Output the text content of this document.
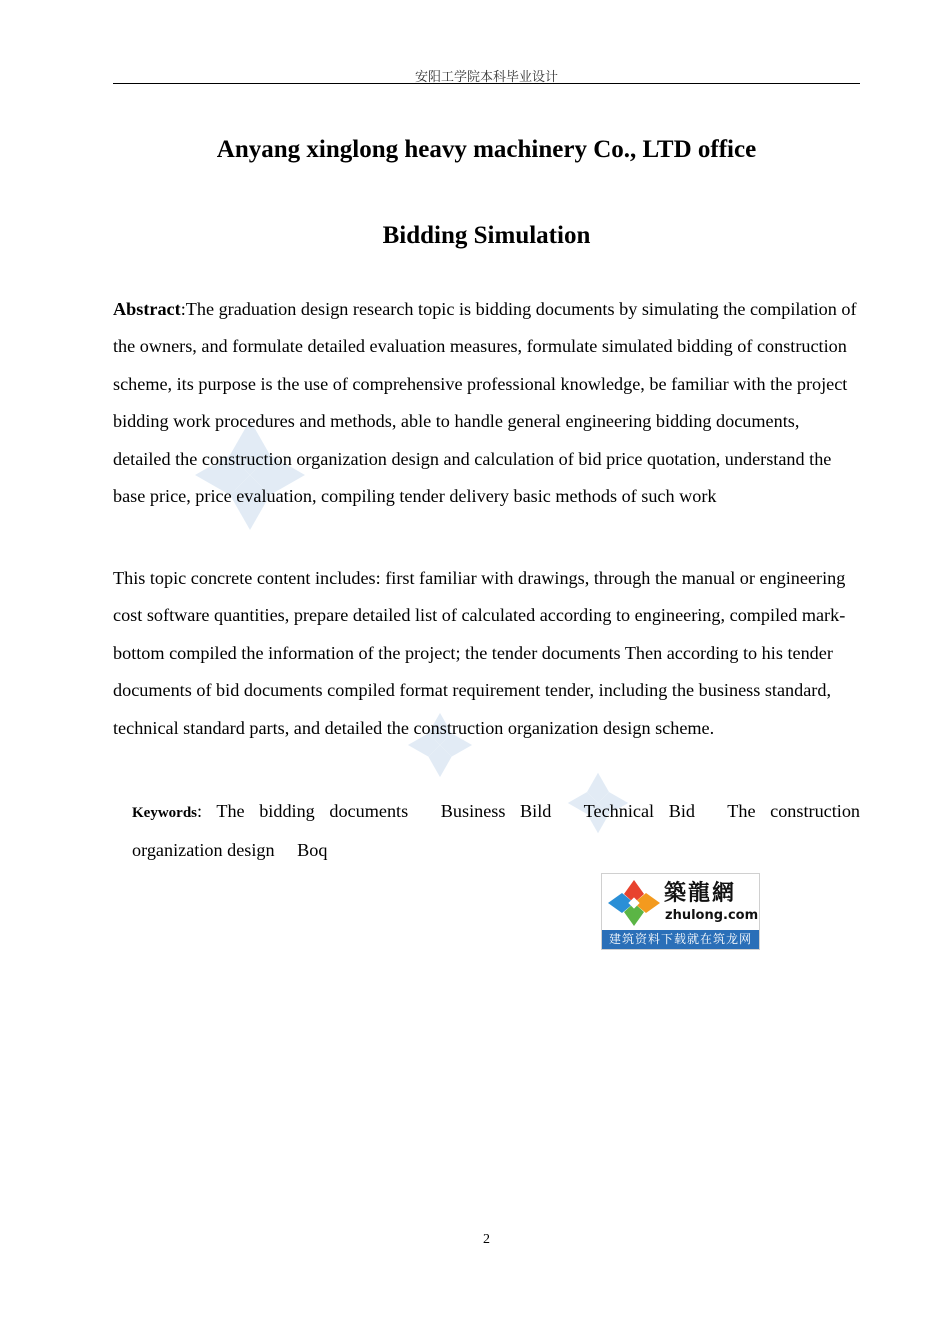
安阳工学院本科毕业设计
Anyang xinglong heavy machinery Co., LTD office
Bidding Simulation

Abstract:The graduation design research topic is bidding documents by simulating the compilation of the owners, and formulate detailed evaluation measures, formulate simulated bidding of construction scheme, its purpose is the use of comprehensive professional knowledge, be familiar with the project bidding work procedures and methods, able to handle general engineering bidding documents, detailed the construction organization design and calculation of bid price quotation, understand the base price, price evaluation, compiling tender delivery basic methods of such work

This topic concrete content includes: first familiar with drawings, through the manual or engineering cost software quantities, prepare detailed list of calculated according to engineering, compiled mark-bottom compiled the information of the project; the tender documents Then according to his tender documents of bid documents compiled format requirement tender, including the business standard, technical standard parts, and detailed the construction organization design scheme.

Keywords: The bidding documents Business Bild Technical Bid The construction organization design Boq
築龍網
zhulong.com
建筑资料下载就在筑龙网
2
